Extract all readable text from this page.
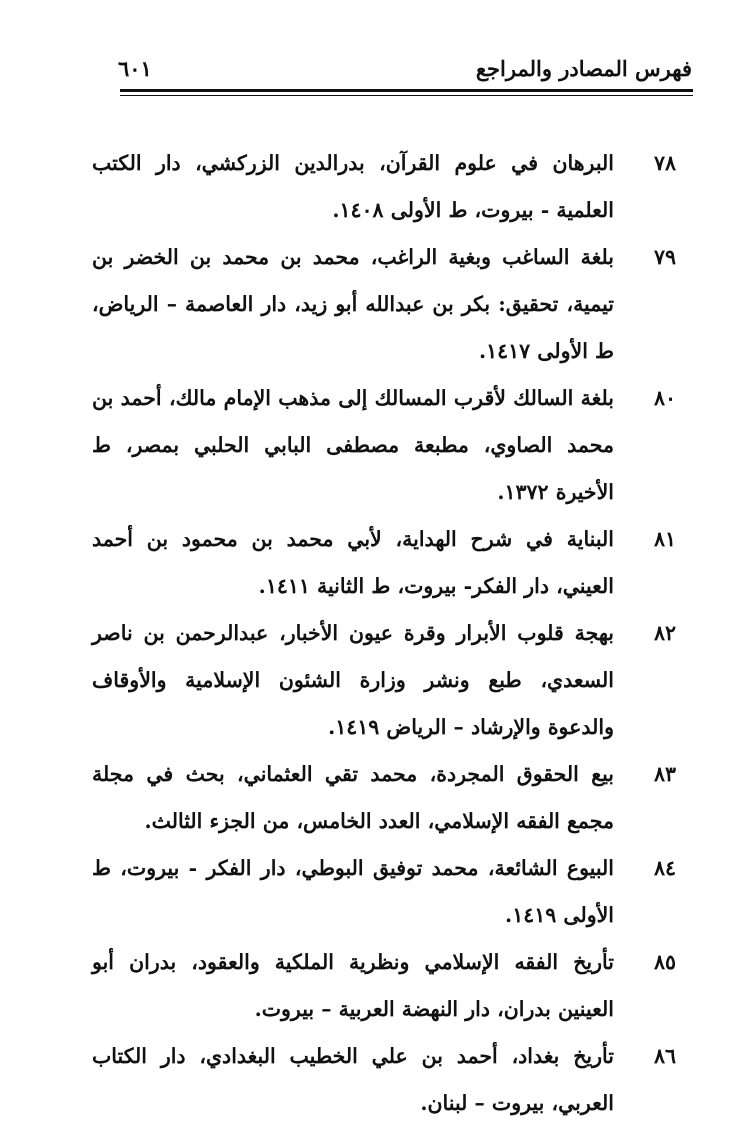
فهرس المصادر والمراجع
٦٠١
٧٨
البرهان في علوم القرآن، بدرالدين الزركشي، دار الكتب العلمية - بيروت، ط الأولى ١٤٠٨.
٧٩
بلغة الساغب وبغية الراغب، محمد بن محمد بن الخضر بن تيمية، تحقيق: بكر بن عبدالله أبو زيد، دار العاصمة – الرياض، ط الأولى ١٤١٧.
٨٠
بلغة السالك لأقرب المسالك إلى مذهب الإمام مالك، أحمد بن محمد الصاوي، مطبعة مصطفى البابي الحلبي بمصر، ط الأخيرة ١٣٧٢.
٨١
البناية في شرح الهداية، لأبي محمد بن محمود بن أحمد العيني، دار الفكر- بيروت، ط الثانية ١٤١١.
٨٢
بهجة قلوب الأبرار وقرة عيون الأخبار، عبدالرحمن بن ناصر السعدي، طبع ونشر وزارة الشئون الإسلامية والأوقاف والدعوة والإرشاد – الرياض ١٤١٩.
٨٣
بيع الحقوق المجردة، محمد تقي العثماني، بحث في مجلة مجمع الفقه الإسلامي، العدد الخامس، من الجزء الثالث.
٨٤
البيوع الشائعة، محمد توفيق البوطي، دار الفكر - بيروت، ط الأولى ١٤١٩.
٨٥
تأريخ الفقه الإسلامي ونظرية الملكية والعقود، بدران أبو العينين بدران، دار النهضة العربية – بيروت.
٨٦
تأريخ بغداد، أحمد بن علي الخطيب البغدادي، دار الكتاب العربي، بيروت – لبنان.
